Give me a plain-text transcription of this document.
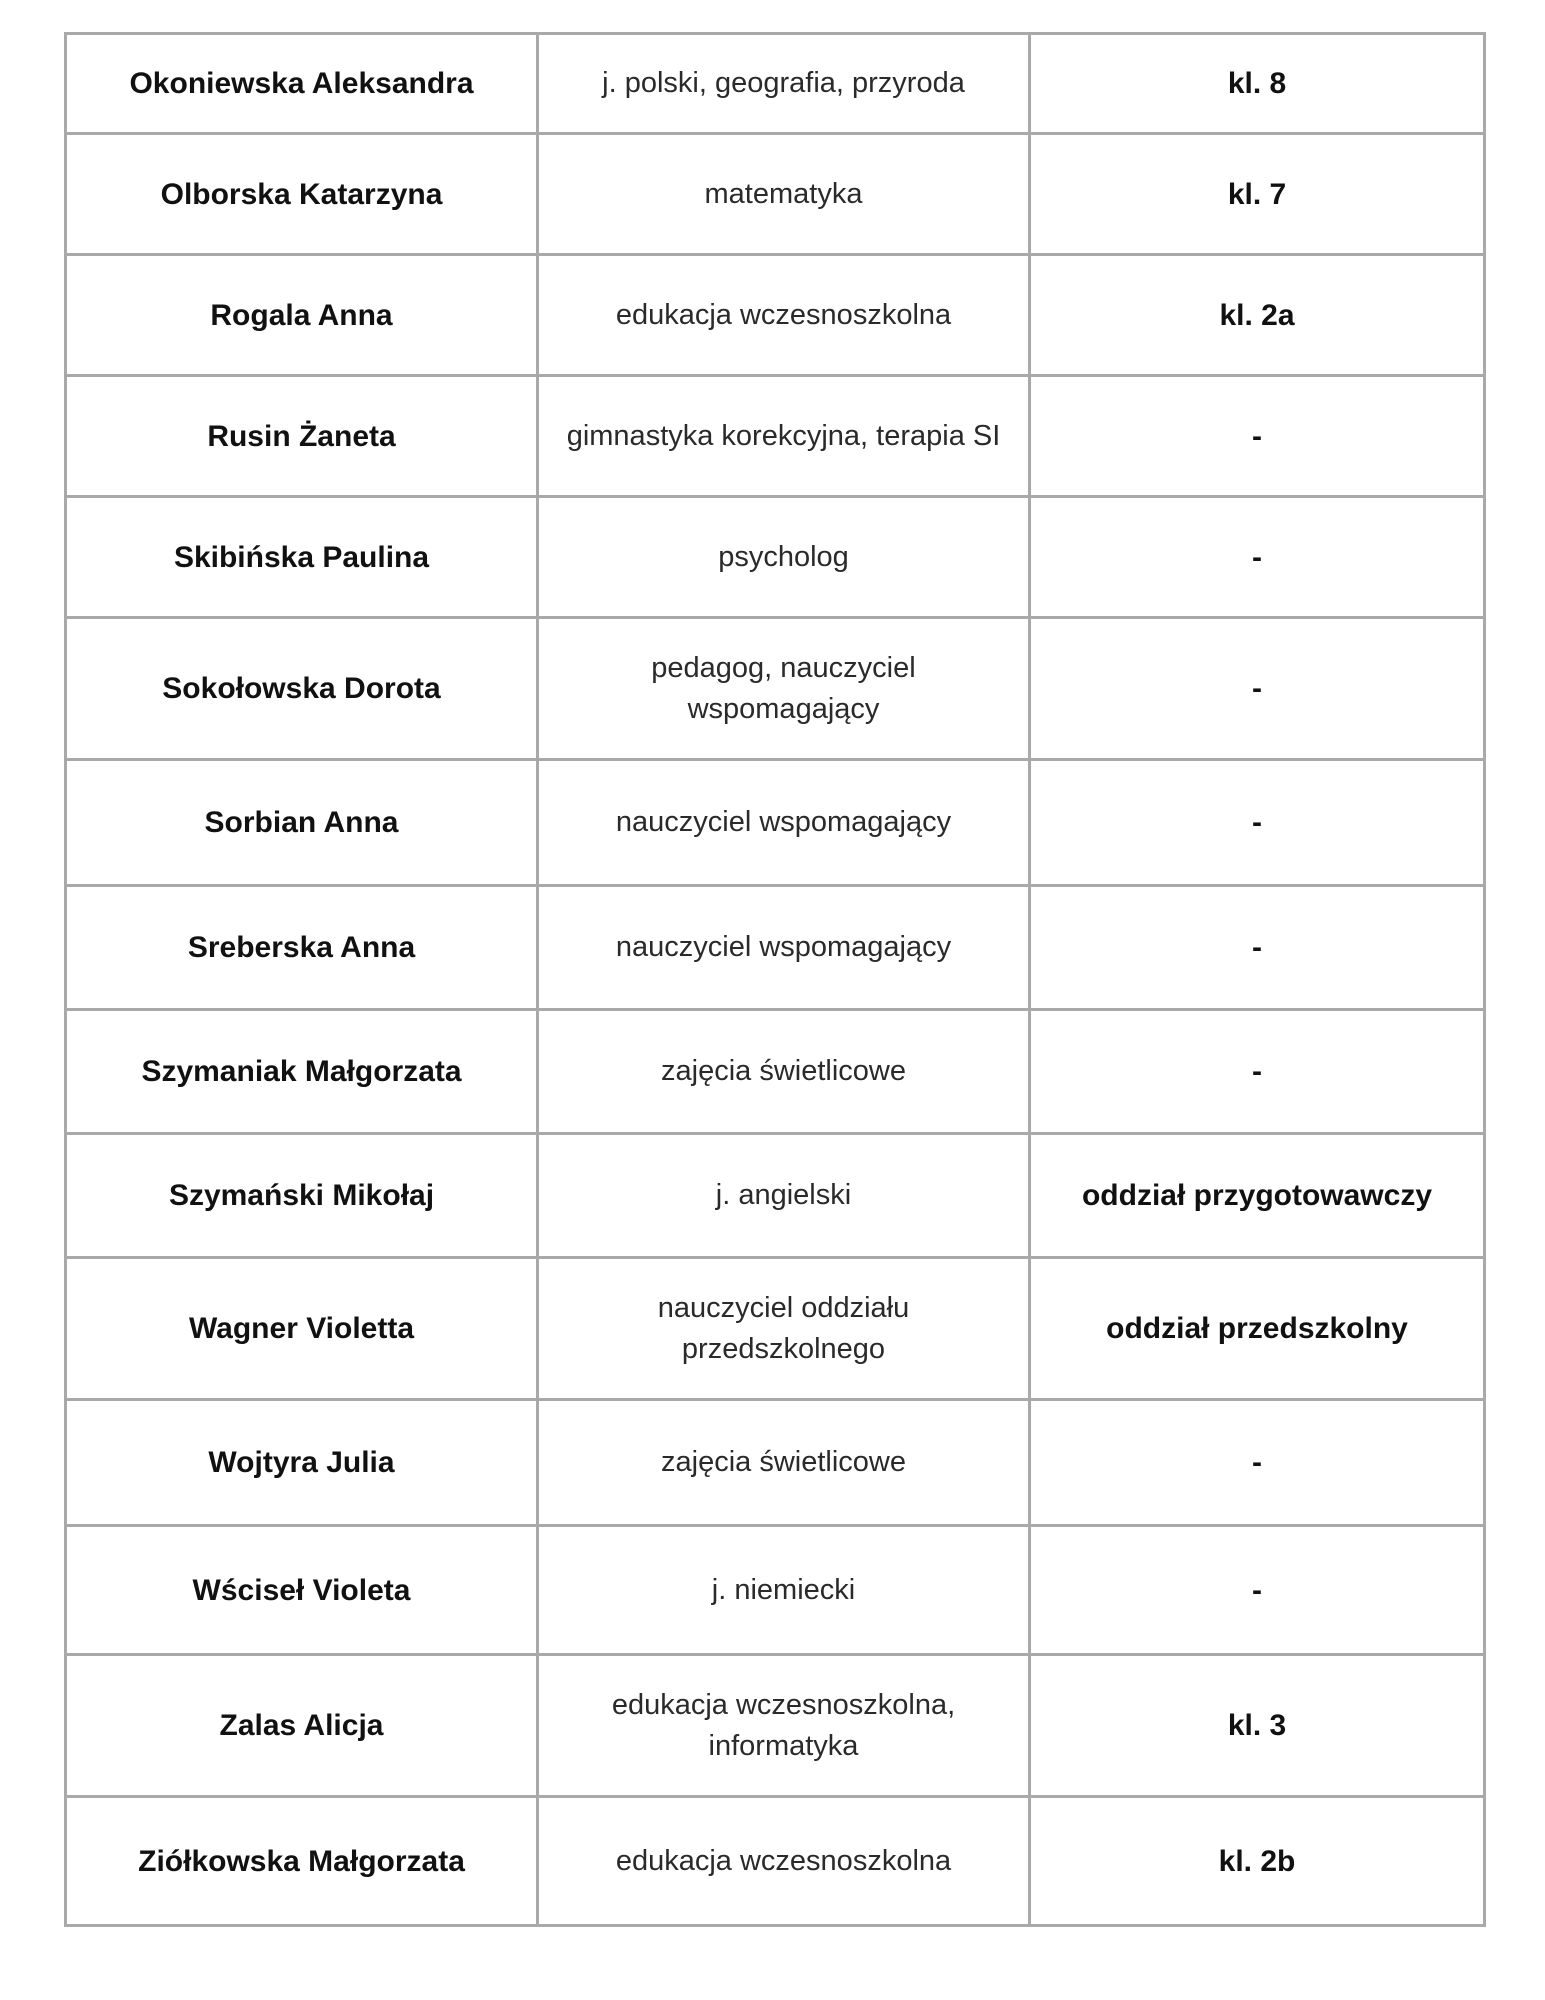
Okoniewska Aleksandra	j. polski, geografia, przyroda	kl. 8
Olborska Katarzyna	matematyka	kl. 7
Rogala Anna	edukacja wczesnoszkolna	kl. 2a
Rusin Żaneta	gimnastyka korekcyjna, terapia SI	-
Skibińska Paulina	psycholog	-
Sokołowska Dorota	pedagog, nauczyciel wspomagający	-
Sorbian Anna	nauczyciel wspomagający	-
Sreberska Anna	nauczyciel wspomagający	-
Szymaniak Małgorzata	zajęcia świetlicowe	-
Szymański Mikołaj	j. angielski	oddział przygotowawczy
Wagner Violetta	nauczyciel oddziału przedszkolnego	oddział przedszkolny
Wojtyra Julia	zajęcia świetlicowe	-
Wściseł Violeta	j. niemiecki	-
Zalas Alicja	edukacja wczesnoszkolna, informatyka	kl. 3
Ziółkowska Małgorzata	edukacja wczesnoszkolna	kl. 2b
